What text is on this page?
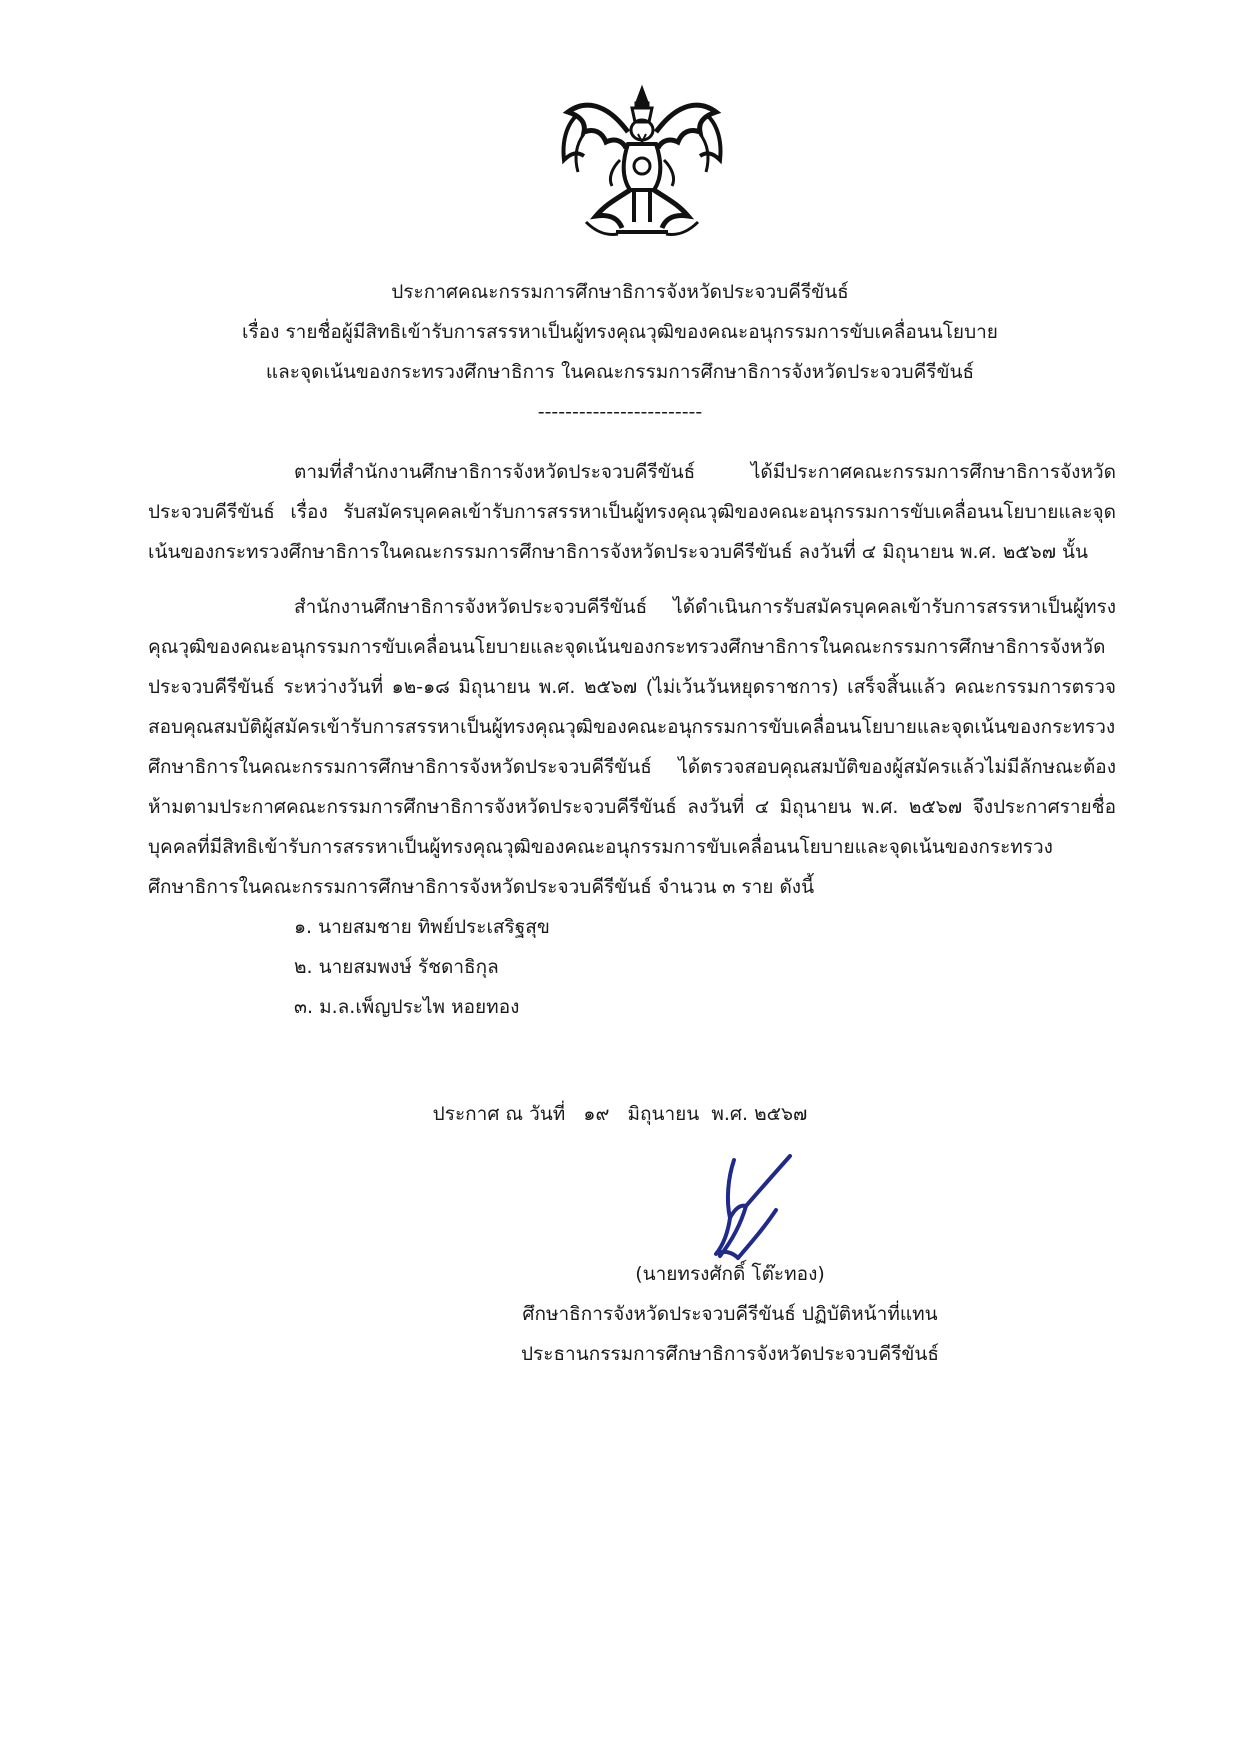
ประกาศคณะกรรมการศึกษาธิการจังหวัดประจวบคีรีขันธ์
เรื่อง รายชื่อผู้มีสิทธิเข้ารับการสรรหาเป็นผู้ทรงคุณวุฒิของคณะอนุกรรมการขับเคลื่อนนโยบาย
และจุดเน้นของกระทรวงศึกษาธิการ ในคณะกรรมการศึกษาธิการจังหวัดประจวบคีรีขันธ์
------------------------

ตามที่สำนักงานศึกษาธิการจังหวัดประจวบคีรีขันธ์ ได้มีประกาศคณะกรรมการศึกษาธิการจังหวัดประจวบคีรีขันธ์ เรื่อง รับสมัครบุคคลเข้ารับการสรรหาเป็นผู้ทรงคุณวุฒิของคณะอนุกรรมการขับเคลื่อนนโยบายและจุดเน้นของกระทรวงศึกษาธิการในคณะกรรมการศึกษาธิการจังหวัดประจวบคีรีขันธ์ ลงวันที่ ๔ มิถุนายน พ.ศ. ๒๕๖๗ นั้น

สำนักงานศึกษาธิการจังหวัดประจวบคีรีขันธ์ ได้ดำเนินการรับสมัครบุคคลเข้ารับการสรรหาเป็นผู้ทรงคุณวุฒิของคณะอนุกรรมการขับเคลื่อนนโยบายและจุดเน้นของกระทรวงศึกษาธิการในคณะกรรมการศึกษาธิการจังหวัดประจวบคีรีขันธ์ ระหว่างวันที่ ๑๒-๑๘ มิถุนายน พ.ศ. ๒๕๖๗ (ไม่เว้นวันหยุดราชการ) เสร็จสิ้นแล้ว คณะกรรมการตรวจสอบคุณสมบัติผู้สมัครเข้ารับการสรรหาเป็นผู้ทรงคุณวุฒิของคณะอนุกรรมการขับเคลื่อนนโยบายและจุดเน้นของกระทรวงศึกษาธิการในคณะกรรมการศึกษาธิการจังหวัดประจวบคีรีขันธ์ ได้ตรวจสอบคุณสมบัติของผู้สมัครแล้วไม่มีลักษณะต้องห้ามตามประกาศคณะกรรมการศึกษาธิการจังหวัดประจวบคีรีขันธ์ ลงวันที่ ๔ มิถุนายน พ.ศ. ๒๕๖๗ จึงประกาศรายชื่อบุคคลที่มีสิทธิเข้ารับการสรรหาเป็นผู้ทรงคุณวุฒิของคณะอนุกรรมการขับเคลื่อนนโยบายและจุดเน้นของกระทรวงศึกษาธิการในคณะกรรมการศึกษาธิการจังหวัดประจวบคีรีขันธ์ จำนวน ๓ ราย ดังนี้

๑. นายสมชาย ทิพย์ประเสริฐสุข
๒. นายสมพงษ์ รัชดาธิกุล
๓. ม.ล.เพ็ญประไพ หอยทอง
ประกาศ ณ วันที่   ๑๙   มิถุนายน  พ.ศ. ๒๕๖๗
(นายทรงศักดิ์ โต๊ะทอง)
ศึกษาธิการจังหวัดประจวบคีรีขันธ์ ปฏิบัติหน้าที่แทน
ประธานกรรมการศึกษาธิการจังหวัดประจวบคีรีขันธ์
